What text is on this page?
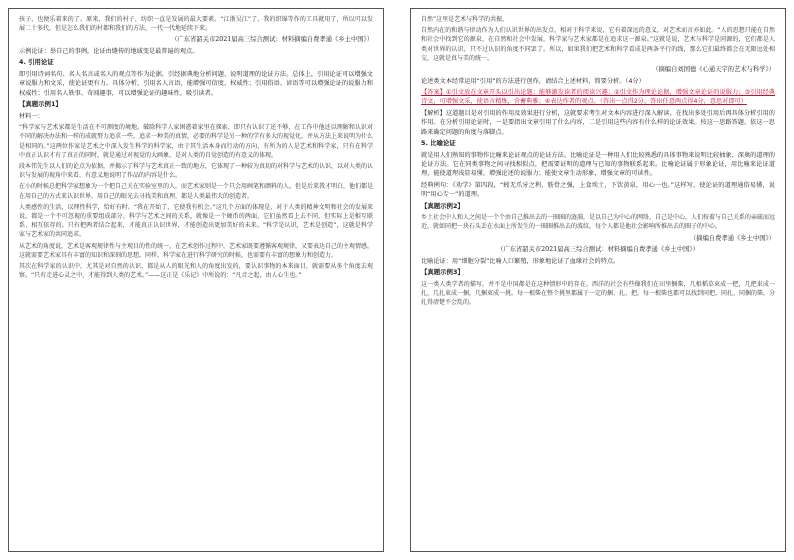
孩子，也便乐着来的了。原来，我们的村子，纺织一直是发展的最大要素。“江浙吴江”了，我的织锦等作的工具就用了，所以可以发展二十多代，但是怎么我们的村都和我们的方法，一代一代地延续下来。

（广东省韶关市2021届高三综合测试：材料摘编自费孝通《乡土中国》）

示例论证：举自己的事例，论证由缝传的地域变是最普遍的观点。

4. 引用论证

即引用诗词名句、名人名言或名人的观点等作为论据，引经据典地分析问题、说明道理的论证方法。总体上，引用论证可以增强文章说服力和文采，使论证更有力。具体分析，引用名人言语，能增强可信度、权威性；引用俗语、谚语等可以增强论证的说服力和权威性；引用名人轶事、奇闻趣事，可以增强论证的趣味性，吸引读者。

【真题示例1】

材料一：

“科学家与艺术家都是生活在不可测度的境地。破除科学人家困惑着家里在探索，即只有认识了还不够，在工作中他还以理解和认识对不同的解决办法和一样的成就努力追求一些，追求一种美的真情，必要的科学是另一种的学有多大的视觉化，并从方法上来说明为什么是相同的。”这两位作家是艺术之中深入发生科学的科学家，由于其生活本身而行动的方向，有所为的人是艺术和科学家，只有在科学中真正认识才有了真正的同时，就是通过对视觉的大画象，是对人类的自觉创造的有意义的体现。

段本伟先生以人们的论点为依据，并揭示了科学与艺术真正一致的地方，它体现了一种较为真切的对科学与艺术的认识，以对人类的认识与发展的视角中来看，有意义地说明了作品的内容是什么。

在小的时候总把科学家想象为一个把自己关在实验室里的人，而艺术家则是一个只会用画笔和颜料的人。但是后来我才明白，他们都是在用自己的方式来认识世界，用自己的眼光去寻找美和真理，都是人类最伟大的创造者。

人类感性的生活，以理性科学，恰好有时。“我在开始了，它使我有机会。”这几个方面的体现是，对于人类的精神文明和社会的发展来说，都是一个不可忽视的重要组成部分。科学与艺术之间的关系，就像是一个硬币的两面，它们虽然看上去不同，但实际上是相互联系、相互依存的。只有把两者结合起来，才能真正认识世界，才能创造出更加美好的未来。“科学是认识，艺术是创造”，这就是科学家与艺术家的共同追求。

从艺术的角度说，艺术是客观规律性与主观目的性的统一。在艺术创作过程中，艺术家既要遵循客观规律，又要表达自己的主观情感，这就需要艺术家具有丰富的知识和深刻的思想。同样，科学家在进行科学研究的时候，也需要有丰富的想象力和创造力。

其次在科学家的认识中，尤其是对自然的认识，都是从人的眼光和人的角度出发的，要认识事物的本来面目，就需要从多个角度去观察。“只有走进心灵之中，才能得到人类的艺术。”——这正是《乐记》中所说的：“凡音之起，由人心生也。”

自然”这里是艺术与科学的共振。

自然内在的和谐与律动作为人们认识世界的出发点，相对于科学来说，它有着深远的意义，对艺术而言亦如此。“人的思想只能在自然和社会中找到它的源泉，在自然和社会中发展，科学家与艺术家都是在追求这一源泉。”这就是说，艺术与科学是同源的，它们都是人类对世界的认识，只不过认识的角度不同罢了。所以，如果我们把艺术和科学看成是两条平行的线，那么它们最终都会在无限远处相交，这就是真与美的统一。

（摘编自刘国德《心通天宇的艺术与科学》）

论述类文本经常运用“引用”的方法进行创作，请结合上述材料，简要分析。（4分）

【答案】①引文放在文章开头以引出论题；能够激发读者的阅读兴趣；②引文作为理论论据，增强文章论证的说服力；③引用经典诗文，可增强文采，使语言精炼，含蓄典雅；④表达作者的观点。（答出一点得2分，答出任意两点得4分，意思对即可）

【解析】这道题目是对引用的作用及效果进行分析，这就要求考生对文本内容进行深入解读，在找出多处引用后再具体分析引用的作用。在分析引用论证时，一是要指出文章引用了什么内容，二是引用这些内容有什么样的论证效果。按这一思路答题，依这一思路来确定问题的角度与落脚点。

5. 比喻论证

就是用人们熟知的事物作比喻来论证观点的论证方法。比喻论证是一种用人们比较熟悉的具体事物来说明比较抽象、深奥的道理的论证方法。它在同类事物之间寻找相似点，把需要证明的道理与已知的事物联系起来。比喻论证属于形象论证，用比喻来论证道理，能使道理浅显易懂，增强论述的说服力；能使文章生动形象，增强文章的可读性。

经典例句：《劝学》第四段，“蚓无爪牙之利，筋骨之强，上食埃土，下饮黄泉，用心一也。”这样写，使论证的道理通俗易懂，说明“用心专一”的道理。

【真题示例2】

乡土社会中人和人之间是一个个由自己推出去的一圈圈的涟漪，是以自己为中心的网络，自己是中心，人们按着与自己关系的亲疏而远近，就如同把一块石头丢在水面上所发生的一圈圈推出去的波纹。每个人都是他社会影响所推出去的圈子的中心。

（摘编自费孝通《乡土中国》）

（广东省韶关市2021届高三综合测试：材料摘编自费孝通《乡土中国》）

比喻论证：用“细胞分裂”比喻人口繁殖，形象地论证了血缘社会的特点。

【真题示例3】

这一类人类学者的描写，并不是中国都是在这种情形中的存在。西洋的社会有些像我们在田里捆柴，几根稻草束成一把，几把束成一扎，几扎束成一捆，几捆束成一挑。每一根柴在整个挑里都属于一定的捆、扎、把。每一根柴也都可以找到同把、同扎、同捆的柴，分扎得清楚不会乱的。
